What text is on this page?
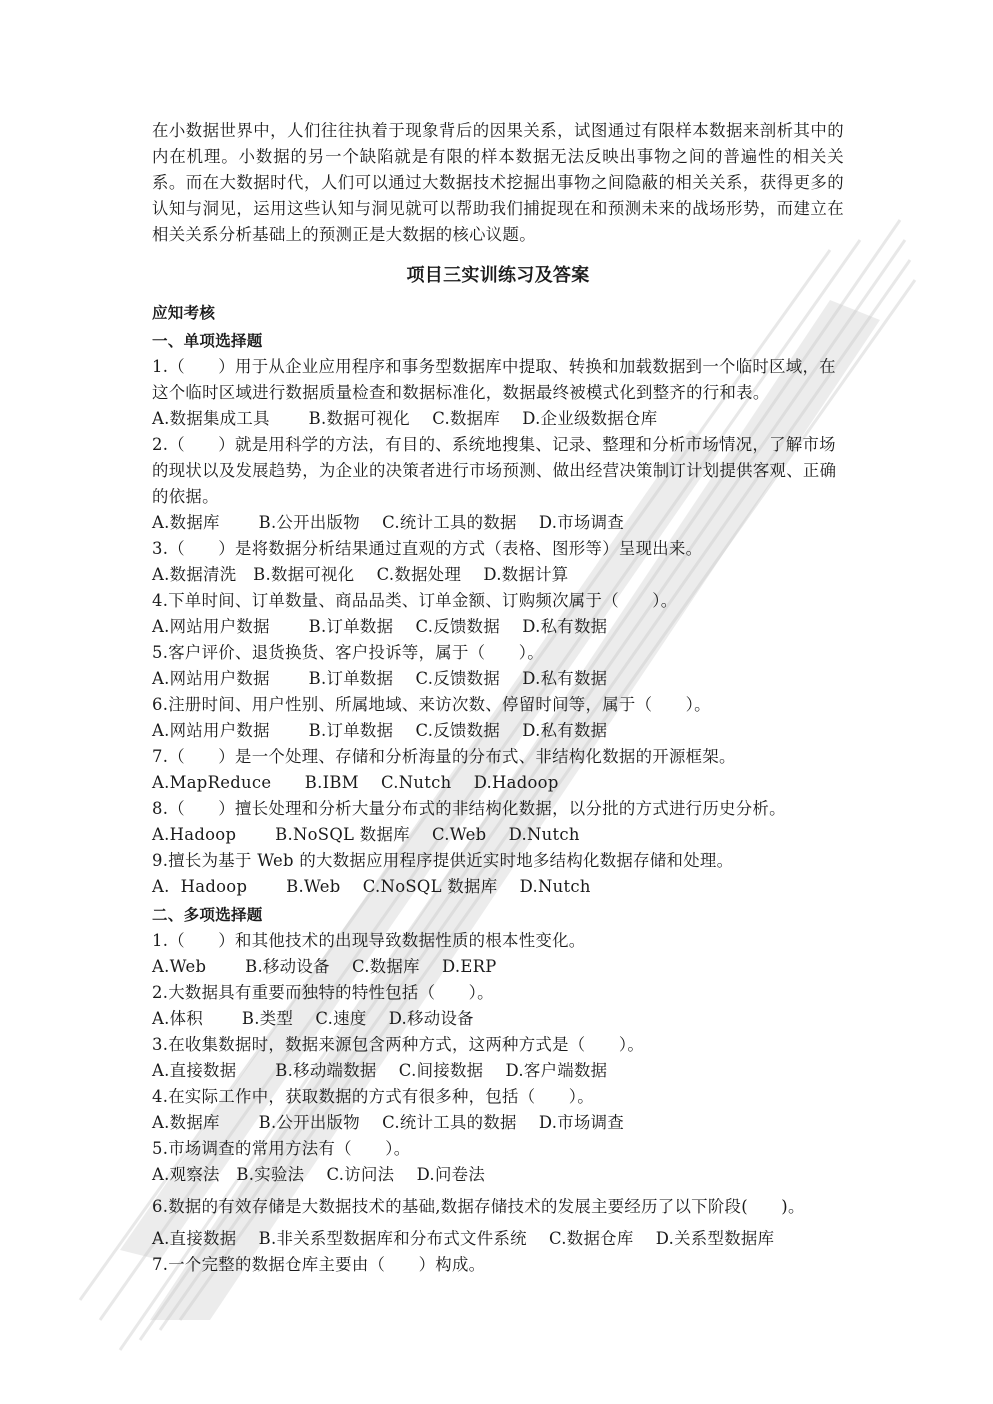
在小数据世界中，人们往往执着于现象背后的因果关系，试图通过有限样本数据来剖析其中的内在机理。小数据的另一个缺陷就是有限的样本数据无法反映出事物之间的普遍性的相关关系。而在大数据时代，人们可以通过大数据技术挖掘出事物之间隐蔽的相关关系，获得更多的认知与洞见，运用这些认知与洞见就可以帮助我们捕捉现在和预测未来的战场形势，而建立在相关关系分析基础上的预测正是大数据的核心议题。

项目三实训练习及答案
应知考核
一、单项选择题

1.（　　）用于从企业应用程序和事务型数据库中提取、转换和加载数据到一个临时区域，在这个临时区域进行数据质量检查和数据标准化，数据最终被模式化到整齐的行和表。

A.数据集成工具　　 B.数据可视化　 C.数据库　 D.企业级数据仓库

2.（　　）就是用科学的方法，有目的、系统地搜集、记录、整理和分析市场情况，了解市场的现状以及发展趋势，为企业的决策者进行市场预测、做出经营决策制订计划提供客观、正确的依据。

A.数据库　　 B.公开出版物　 C.统计工具的数据　 D.市场调查

3.（　　）是将数据分析结果通过直观的方式（表格、图形等）呈现出来。

A.数据清洗　B.数据可视化　 C.数据处理　 D.数据计算

4.下单时间、订单数量、商品品类、订单金额、订购频次属于（　　）。

A.网站用户数据　　 B.订单数据　 C.反馈数据　 D.私有数据

5.客户评价、退货换货、客户投诉等，属于（　　）。

A.网站用户数据　　 B.订单数据　 C.反馈数据　 D.私有数据

6.注册时间、用户性别、所属地域、来访次数、停留时间等，属于（　　）。

A.网站用户数据　　 B.订单数据　 C.反馈数据　 D.私有数据

7.（　　）是一个处理、存储和分析海量的分布式、非结构化数据的开源框架。

A.MapReduce　　B.IBM　 C.Nutch　 D.Hadoop

8.（　　）擅长处理和分析大量分布式的非结构化数据，以分批的方式进行历史分析。

A.Hadoop　　 B.NoSQL 数据库　 C.Web　 D.Nutch

9.擅长为基于 Web 的大数据应用程序提供近实时地多结构化数据存储和处理。

A.  Hadoop　　 B.Web　 C.NoSQL 数据库　 D.Nutch

二、多项选择题

1.（　　）和其他技术的出现导致数据性质的根本性变化。

A.Web　　 B.移动设备　 C.数据库　 D.ERP

2.大数据具有重要而独特的特性包括（　　）。

A.体积　　 B.类型　 C.速度　 D.移动设备

3.在收集数据时，数据来源包含两种方式，这两种方式是（　　）。

A.直接数据　　 B.移动端数据　 C.间接数据　 D.客户端数据

4.在实际工作中，获取数据的方式有很多种，包括（　　）。

A.数据库　　 B.公开出版物　 C.统计工具的数据　 D.市场调查

5.市场调查的常用方法有（　　）。

A.观察法　B.实验法　 C.访问法　 D.问卷法

6.数据的有效存储是大数据技术的基础,数据存储技术的发展主要经历了以下阶段(　　)。

A.直接数据　 B.非关系型数据库和分布式文件系统　 C.数据仓库　 D.关系型数据库

7.一个完整的数据仓库主要由（　　）构成。
